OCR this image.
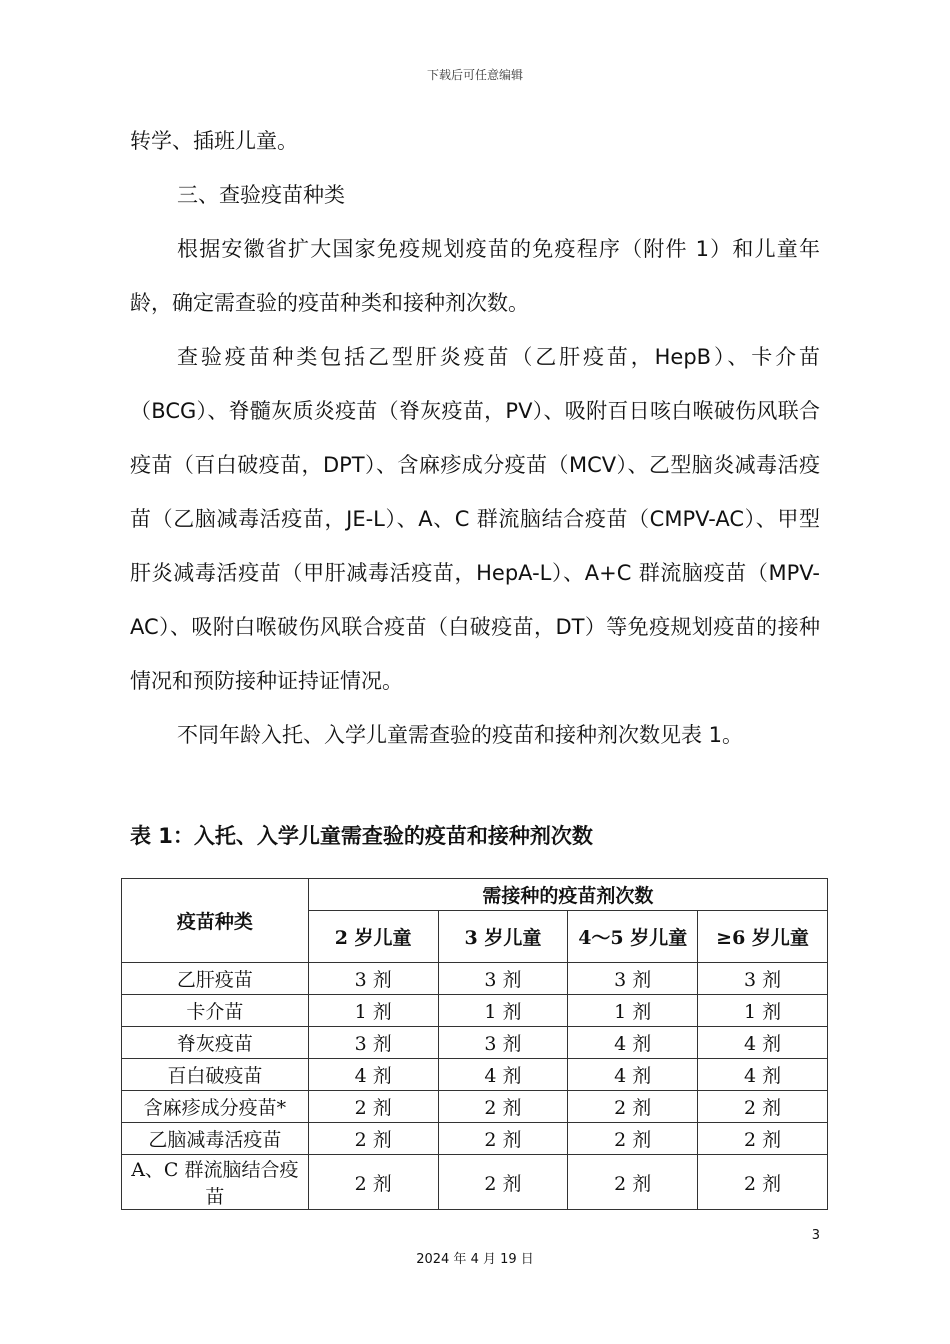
下载后可任意编辑
转学、插班儿童。
三、查验疫苗种类
根据安徽省扩大国家免疫规划疫苗的免疫程序（附件 1）和儿童年龄，确定需查验的疫苗种类和接种剂次数。
查验疫苗种类包括乙型肝炎疫苗（乙肝疫苗，HepB）、卡介苗（BCG）、脊髓灰质炎疫苗（脊灰疫苗，PV）、吸附百日咳白喉破伤风联合疫苗（百白破疫苗，DPT）、含麻疹成分疫苗（MCV）、乙型脑炎减毒活疫苗（乙脑减毒活疫苗，JE-L）、A、C 群流脑结合疫苗（CMPV-AC）、甲型肝炎减毒活疫苗（甲肝减毒活疫苗，HepA-L）、A+C 群流脑疫苗（MPV-AC）、吸附白喉破伤风联合疫苗（白破疫苗，DT）等免疫规划疫苗的接种情况和预防接种证持证情况。
不同年龄入托、入学儿童需查验的疫苗和接种剂次数见表 1。
表 1：入托、入学儿童需查验的疫苗和接种剂次数
疫苗种类	需接种的疫苗剂次数			
	2 岁儿童	3 岁儿童	4～5 岁儿童	≥6 岁儿童
乙肝疫苗	3 剂	3 剂	3 剂	3 剂
卡介苗	1 剂	1 剂	1 剂	1 剂
脊灰疫苗	3 剂	3 剂	4 剂	4 剂
百白破疫苗	4 剂	4 剂	4 剂	4 剂
含麻疹成分疫苗*	2 剂	2 剂	2 剂	2 剂
乙脑减毒活疫苗	2 剂	2 剂	2 剂	2 剂
A、C 群流脑结合疫苗	2 剂	2 剂	2 剂	2 剂
3
2024 年 4 月 19 日
